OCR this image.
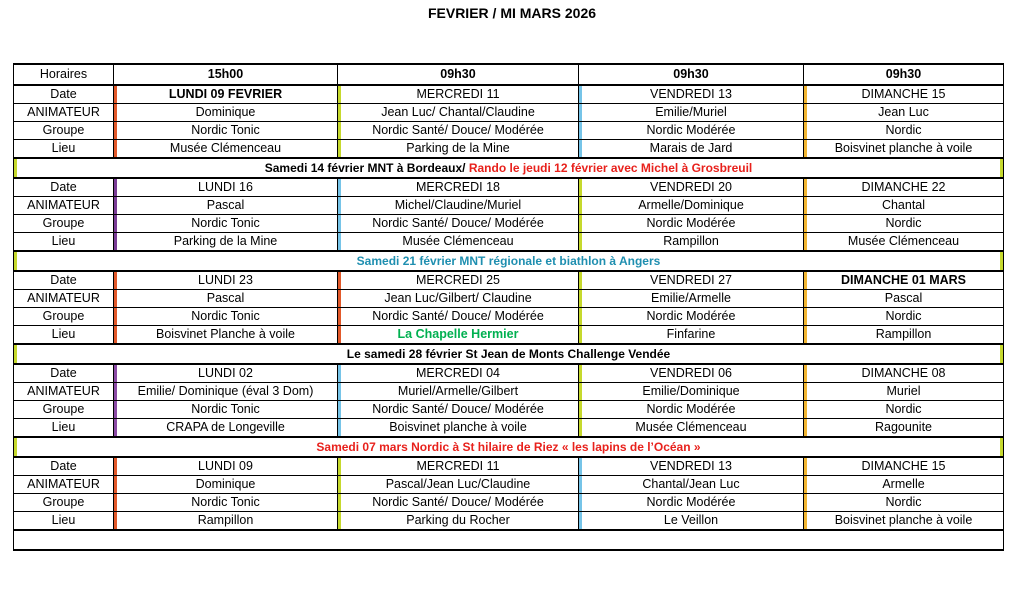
FEVRIER / MI MARS 2026
Horaires	15h00	09h30	09h30	09h30
Date	LUNDI 09 FEVRIER	MERCREDI 11	VENDREDI 13	DIMANCHE 15
ANIMATEUR	Dominique	Jean Luc/ Chantal/Claudine	Emilie/Muriel	Jean Luc
Groupe	Nordic Tonic	Nordic Santé/ Douce/ Modérée	Nordic Modérée	Nordic
Lieu	Musée Clémenceau	Parking de la Mine	Marais de Jard	Boisvinet planche à voile
Samedi 14 février MNT à Bordeaux/ Rando le jeudi 12 février avec Michel à Grosbreuil				
Date	LUNDI 16	MERCREDI 18	VENDREDI 20	DIMANCHE 22
ANIMATEUR	Pascal	Michel/Claudine/Muriel	Armelle/Dominique	Chantal
Groupe	Nordic Tonic	Nordic Santé/ Douce/ Modérée	Nordic Modérée	Nordic
Lieu	Parking de la Mine	Musée Clémenceau	Rampillon	Musée Clémenceau
Samedi 21 février MNT régionale et biathlon à Angers				
Date	LUNDI 23	MERCREDI 25	VENDREDI 27	DIMANCHE 01 MARS
ANIMATEUR	Pascal	Jean Luc/Gilbert/ Claudine	Emilie/Armelle	Pascal
Groupe	Nordic Tonic	Nordic Santé/ Douce/ Modérée	Nordic Modérée	Nordic
Lieu	Boisvinet Planche à voile	La Chapelle Hermier	Finfarine	Rampillon
Le samedi 28 février St Jean de Monts Challenge Vendée				
Date	LUNDI 02	MERCREDI 04	VENDREDI 06	DIMANCHE 08
ANIMATEUR	Emilie/ Dominique (éval 3 Dom)	Muriel/Armelle/Gilbert	Emilie/Dominique	Muriel
Groupe	Nordic Tonic	Nordic Santé/ Douce/ Modérée	Nordic Modérée	Nordic
Lieu	CRAPA de Longeville	Boisvinet planche à voile	Musée Clémenceau	Ragounite
Samedi 07 mars Nordic à St hilaire de Riez « les lapins de l’Océan »				
Date	LUNDI 09	MERCREDI 11	VENDREDI 13	DIMANCHE 15
ANIMATEUR	Dominique	Pascal/Jean Luc/Claudine	Chantal/Jean Luc	Armelle
Groupe	Nordic Tonic	Nordic Santé/ Douce/ Modérée	Nordic Modérée	Nordic
Lieu	Rampillon	Parking du Rocher	Le Veillon	Boisvinet planche à voile
